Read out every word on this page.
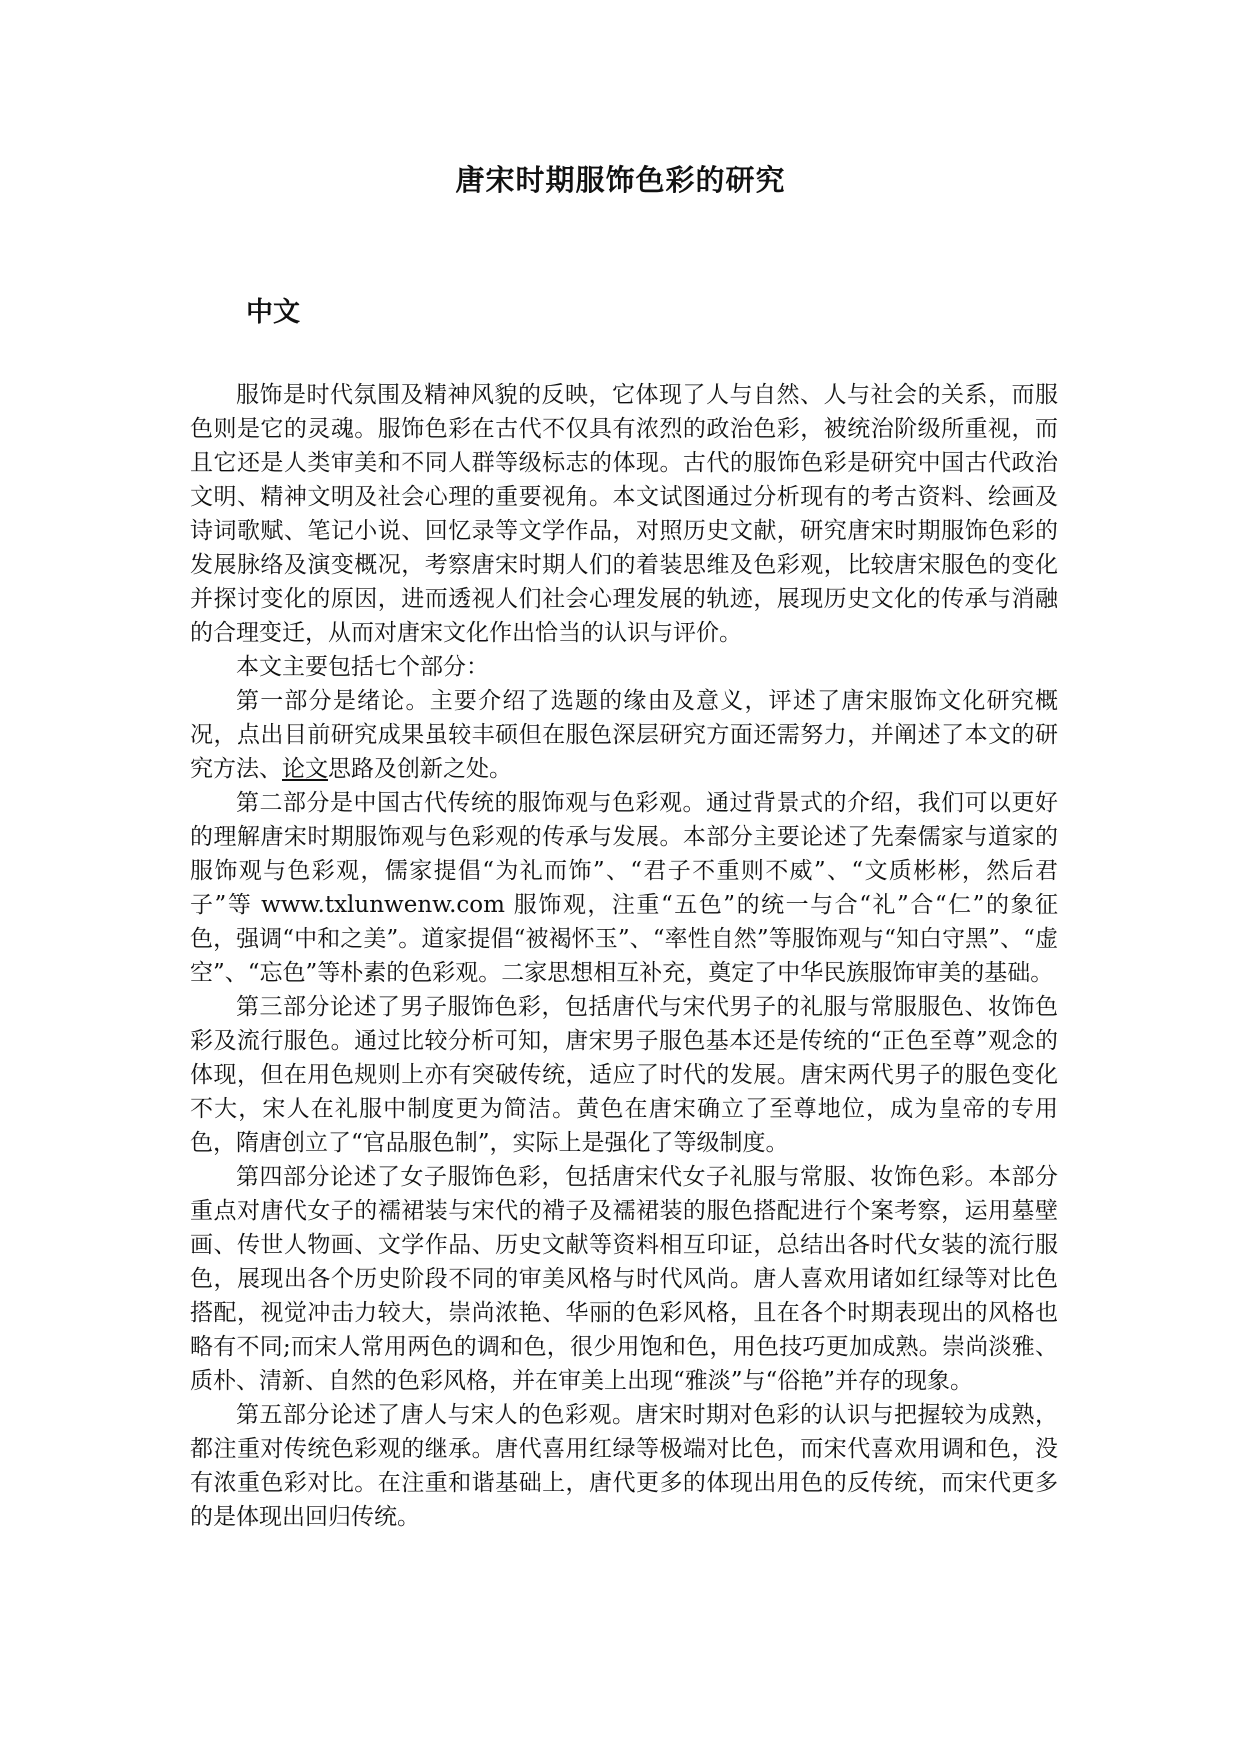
唐宋时期服饰色彩的研究
中文

服饰是时代氛围及精神风貌的反映，它体现了人与自然、人与社会的关系，而服色则是它的灵魂。服饰色彩在古代不仅具有浓烈的政治色彩，被统治阶级所重视，而且它还是人类审美和不同人群等级标志的体现。古代的服饰色彩是研究中国古代政治文明、精神文明及社会心理的重要视角。本文试图通过分析现有的考古资料、绘画及诗词歌赋、笔记小说、回忆录等文学作品，对照历史文献，研究唐宋时期服饰色彩的发展脉络及演变概况，考察唐宋时期人们的着装思维及色彩观，比较唐宋服色的变化并探讨变化的原因，进而透视人们社会心理发展的轨迹，展现历史文化的传承与消融的合理变迁，从而对唐宋文化作出恰当的认识与评价。

本文主要包括七个部分：

第一部分是绪论。主要介绍了选题的缘由及意义，评述了唐宋服饰文化研究概况，点出目前研究成果虽较丰硕但在服色深层研究方面还需努力，并阐述了本文的研究方法、论文思路及创新之处。

第二部分是中国古代传统的服饰观与色彩观。通过背景式的介绍，我们可以更好的理解唐宋时期服饰观与色彩观的传承与发展。本部分主要论述了先秦儒家与道家的服饰观与色彩观，儒家提倡“为礼而饰”、“君子不重则不威”、“文质彬彬，然后君子”等 www.txlunwenw.com 服饰观，注重“五色”的统一与合“礼”合“仁”的象征色，强调“中和之美”。道家提倡“被褐怀玉”、“率性自然”等服饰观与“知白守黑”、“虚空”、“忘色”等朴素的色彩观。二家思想相互补充，奠定了中华民族服饰审美的基础。

第三部分论述了男子服饰色彩，包括唐代与宋代男子的礼服与常服服色、妆饰色彩及流行服色。通过比较分析可知，唐宋男子服色基本还是传统的“正色至尊”观念的体现，但在用色规则上亦有突破传统，适应了时代的发展。唐宋两代男子的服色变化不大，宋人在礼服中制度更为简洁。黄色在唐宋确立了至尊地位，成为皇帝的专用色，隋唐创立了“官品服色制”，实际上是强化了等级制度。

第四部分论述了女子服饰色彩，包括唐宋代女子礼服与常服、妆饰色彩。本部分重点对唐代女子的襦裙装与宋代的褙子及襦裙装的服色搭配进行个案考察，运用墓壁画、传世人物画、文学作品、历史文献等资料相互印证，总结出各时代女装的流行服色，展现出各个历史阶段不同的审美风格与时代风尚。唐人喜欢用诸如红绿等对比色搭配，视觉冲击力较大，崇尚浓艳、华丽的色彩风格，且在各个时期表现出的风格也略有不同;而宋人常用两色的调和色，很少用饱和色，用色技巧更加成熟。崇尚淡雅、质朴、清新、自然的色彩风格，并在审美上出现“雅淡”与“俗艳”并存的现象。

第五部分论述了唐人与宋人的色彩观。唐宋时期对色彩的认识与把握较为成熟，都注重对传统色彩观的继承。唐代喜用红绿等极端对比色，而宋代喜欢用调和色，没有浓重色彩对比。在注重和谐基础上，唐代更多的体现出用色的反传统，而宋代更多的是体现出回归传统。
